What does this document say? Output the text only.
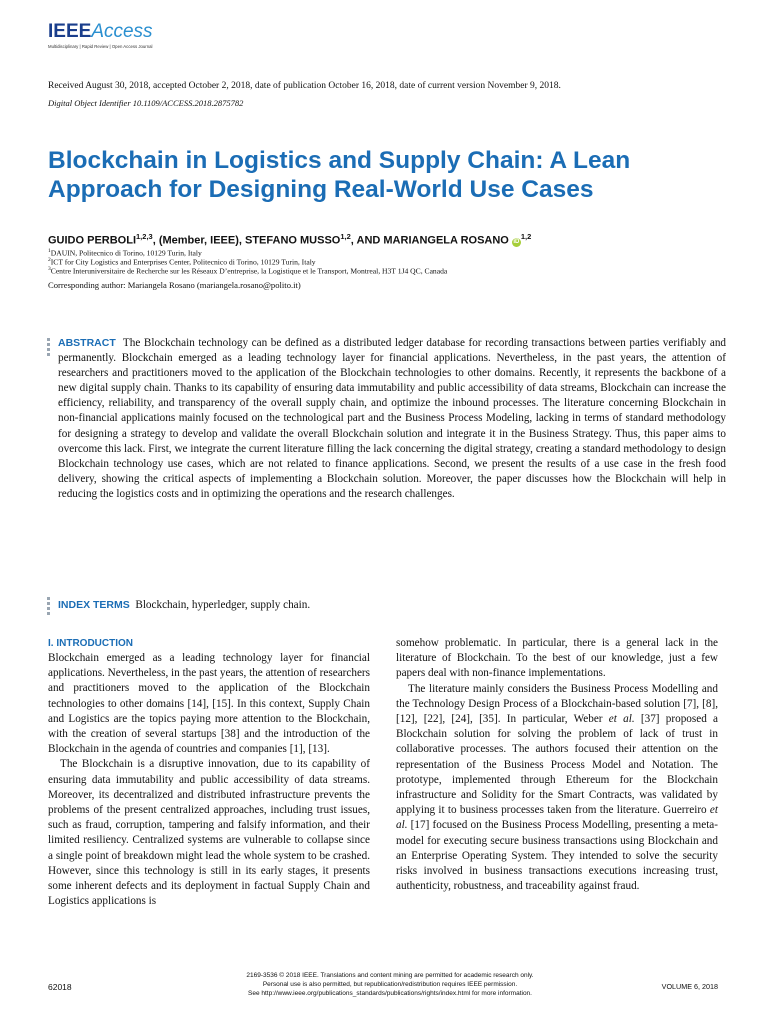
IEEEAccess
Multidisciplinary | Rapid Review | Open Access Journal
Received August 30, 2018, accepted October 2, 2018, date of publication October 16, 2018, date of current version November 9, 2018.
Digital Object Identifier 10.1109/ACCESS.2018.2875782
Blockchain in Logistics and Supply Chain: A Lean Approach for Designing Real-World Use Cases
GUIDO PERBOLI$^{1,2,3}$, (Member, IEEE), STEFANO MUSSO$^{1,2}$, AND MARIANGELA ROSANO iD$^{1,2}$
$^1$DAUIN, Politecnico di Torino, 10129 Turin, Italy
$^2$ICT for City Logistics and Enterprises Center, Politecnico di Torino, 10129 Turin, Italy
$^3$Centre Interuniversitaire de Recherche sur les Réseaux D’entreprise, la Logistique et le Transport, Montreal, H3T 1J4 QC, Canada
Corresponding author: Mariangela Rosano (mariangela.rosano@polito.it)
ABSTRACT The Blockchain technology can be defined as a distributed ledger database for recording transactions between parties verifiably and permanently. Blockchain emerged as a leading technology layer for financial applications. Nevertheless, in the past years, the attention of researchers and practitioners moved to the application of the Blockchain technologies to other domains. Recently, it represents the backbone of a new digital supply chain. Thanks to its capability of ensuring data immutability and public accessibility of data streams, Blockchain can increase the efficiency, reliability, and transparency of the overall supply chain, and optimize the inbound processes. The literature concerning Blockchain in non-financial applications mainly focused on the technological part and the Business Process Modeling, lacking in terms of standard methodology for designing a strategy to develop and validate the overall Blockchain solution and integrate it in the Business Strategy. Thus, this paper aims to overcome this lack. First, we integrate the current literature filling the lack concerning the digital strategy, creating a standard methodology to design Blockchain technology use cases, which are not related to finance applications. Second, we present the results of a use case in the fresh food delivery, showing the critical aspects of implementing a Blockchain solution. Moreover, the paper discusses how the Blockchain will help in reducing the logistics costs and in optimizing the operations and the research challenges.
INDEX TERMS Blockchain, hyperledger, supply chain.
I. INTRODUCTION

Blockchain emerged as a leading technology layer for financial applications. Nevertheless, in the past years, the attention of researchers and practitioners moved to the application of the Blockchain technologies to other domains [14], [15]. In this context, Supply Chain and Logistics are the topics paying more attention to the Blockchain, with the creation of several startups [38] and the introduction of the Blockchain in the agenda of countries and companies [1], [13].

The Blockchain is a disruptive innovation, due to its capability of ensuring data immutability and public accessibility of data streams. Moreover, its decentralized and distributed infrastructure prevents the problems of the present centralized approaches, including trust issues, such as fraud, corruption, tampering and falsify information, and their limited resiliency. Centralized systems are vulnerable to collapse since a single point of breakdown might lead the whole system to be crashed. However, since this technology is still in its early stages, it presents some inherent defects and its deployment in factual Supply Chain and Logistics applications is

somehow problematic. In particular, there is a general lack in the literature of Blockchain. To the best of our knowledge, just a few papers deal with non-finance implementations.

The literature mainly considers the Business Process Modelling and the Technology Design Process of a Blockchain-based solution [7], [8], [12], [22], [24], [35]. In particular, Weber et al. [37] proposed a Blockchain solution for solving the problem of lack of trust in collaborative processes. The authors focused their attention on the representation of the Business Process Model and Notation. The prototype, implemented through Ethereum for the Blockchain infrastructure and Solidity for the Smart Contracts, was validated by applying it to business processes taken from the literature. Guerreiro et al. [17] focused on the Business Process Modelling, presenting a meta-model for executing secure business transactions using Blockchain and an Enterprise Operating System. They intended to solve the security risks involved in business transactions executions increasing trust, authenticity, robustness, and traceability against fraud.

62018
2169-3536 © 2018 IEEE. Translations and content mining are permitted for academic research only.
Personal use is also permitted, but republication/redistribution requires IEEE permission.
See http://www.ieee.org/publications_standards/publications/rights/index.html for more information.
VOLUME 6, 2018
